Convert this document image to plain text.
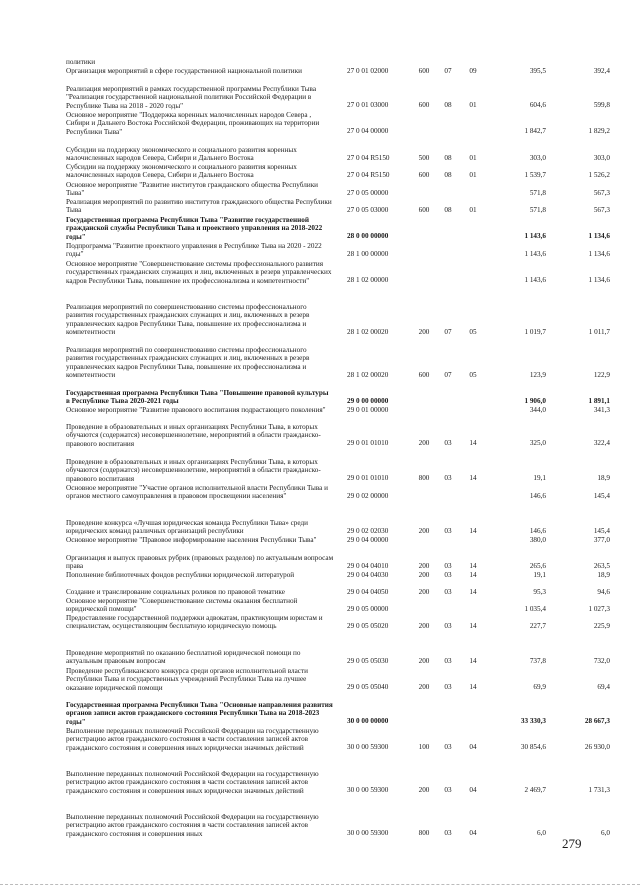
политики
Организация мероприятий в сфере государственной национальной политики	27 0 01 02000	600	07	09	395,5	392,4
Реализация мероприятий в рамках государственной программы Республики Тыва "Реализация государственной национальной политики Российской Федерации в Республике Тыва на 2018 - 2020 годы"	27 0 01 03000	600	08	01	604,6	599,8
Основное мероприятие "Поддержка коренных малочисленных народов Севера , Сибири и Дальнего Востока Российской Федерации, проживающих на территории Республики Тыва"	27 0 04 00000	1 842,7	1 829,2
Субсидии на поддержку экономического и социального развития коренных малочисленных народов Севера, Сибири и Дальнего Востока	27 0 04 R5150	500	08	01	303,0	303,0
Субсидии на поддержку экономического и социального развития коренных малочисленных народов Севера, Сибири и Дальнего Востока	27 0 04 R5150	600	08	01	1 539,7	1 526,2
Основное мероприятие "Развитие институтов гражданского общества Республики Тыва"	27 0 05 00000	571,8	567,3
Реализация мероприятий по развитию институтов гражданского общества Республики Тыва	27 0 05 03000	600	08	01	571,8	567,3
Государственная программа Республики Тыва "Развитие государственной гражданской службы Республики Тыва и проектного управления на 2018-2022 годы"	28 0 00 00000	1 143,6	1 134,6
Подпрограмма "Развитие проектного управления в Республике Тыва на 2020 - 2022 годы"	28 1 00 00000	1 143,6	1 134,6
Основное мероприятие "Совершенствование системы профессионального развития государственных гражданских служащих и лиц, включенных в резерв управленческих кадров Республики Тыва, повышение их профессионализма и компетентности"	28 1 02 00000	1 143,6	1 134,6
Реализация мероприятий по совершенствованию системы профессионального развития государственных гражданских служащих и лиц, включенных в резерв управленческих кадров Республики Тыва, повышение их профессионализма и компетентности	28 1 02 00020	200	07	05	1 019,7	1 011,7
Реализация мероприятий по совершенствованию системы профессионального развития государственных гражданских служащих и лиц, включенных в резерв управленческих кадров Республики Тыва, повышение их профессионализма и компетентности	28 1 02 00020	600	07	05	123,9	122,9
Государственная программа Республики Тыва "Повышение правовой культуры в Республике Тыва 2020-2021 годы	29 0 00 00000	1 906,0	1 891,1
Основное мероприятие "Развитие правового воспитания подрастающего поколения"	29 0 01 00000	344,0	341,3
Проведение в образовательных и иных организациях Республики Тыва, в которых обучаются (содержатся) несовершеннолетние, мероприятий в области гражданско-правового воспитания	29 0 01 01010	200	03	14	325,0	322,4
Проведение в образовательных и иных организациях Республики Тыва, в которых обучаются (содержатся) несовершеннолетние, мероприятий в области гражданско-правового воспитания	29 0 01 01010	800	03	14	19,1	18,9
Основное мероприятие "Участие органов исполнительной власти Республики Тыва и органов местного самоуправления в правовом просвещении населения"	29 0 02 00000	146,6	145,4
Проведение конкурса «Лучшая юридическая команда Республики Тыва» среди юридических команд различных организаций республики	29 0 02 02030	200	03	14	146,6	145,4
Основное мероприятие "Правовое информирование населения Республики Тыва"	29 0 04 00000	380,0	377,0
Организация и выпуск правовых рубрик (правовых разделов) по актуальным вопросам права	29 0 04 04010	200	03	14	265,6	263,5
Пополнение библиотечных фондов республики юридической литературой	29 0 04 04030	200	03	14	19,1	18,9
Создание и транслирование социальных роликов по правовой тематике	29 0 04 04050	200	03	14	95,3	94,6
Основное мероприятие "Совершенствование системы оказания бесплатной юридической помощи"	29 0 05 00000	1 035,4	1 027,3
Предоставление государственной поддержки адвокатам, практикующим юристам и специалистам, осуществляющим бесплатную юридическую помощь	29 0 05 05020	200	03	14	227,7	225,9
Проведение мероприятий по оказанию бесплатной юридической помощи по актуальным правовым вопросам	29 0 05 05030	200	03	14	737,8	732,0
Проведение республиканского конкурса среди органов исполнительной власти Республики Тыва и государственных учреждений Республики Тыва на лучшее оказание юридической помощи	29 0 05 05040	200	03	14	69,9	69,4
Государственная программа Республики Тыва "Основные направления развития органов записи актов гражданского состояния Республики Тыва на 2018-2023 годы"	30 0 00 00000	33 330,3	28 667,3
Выполнение переданных полномочий Российской Федерации на государственную регистрацию актов гражданского состояния в части составления записей актов гражданского состояния и совершения иных юридически значимых действий	30 0 00 59300	100	03	04	30 854,6	26 930,0
Выполнение переданных полномочий Российской Федерации на государственную регистрацию актов гражданского состояния в части составления записей актов гражданского состояния и совершения иных юридически значимых действий	30 0 00 59300	200	03	04	2 469,7	1 731,3
Выполнение переданных полномочий Российской Федерации на государственную регистрацию актов гражданского состояния в части составления записей актов гражданского состояния и совершения иных	30 0 00 59300	800	03	04	6,0	6,0
279
